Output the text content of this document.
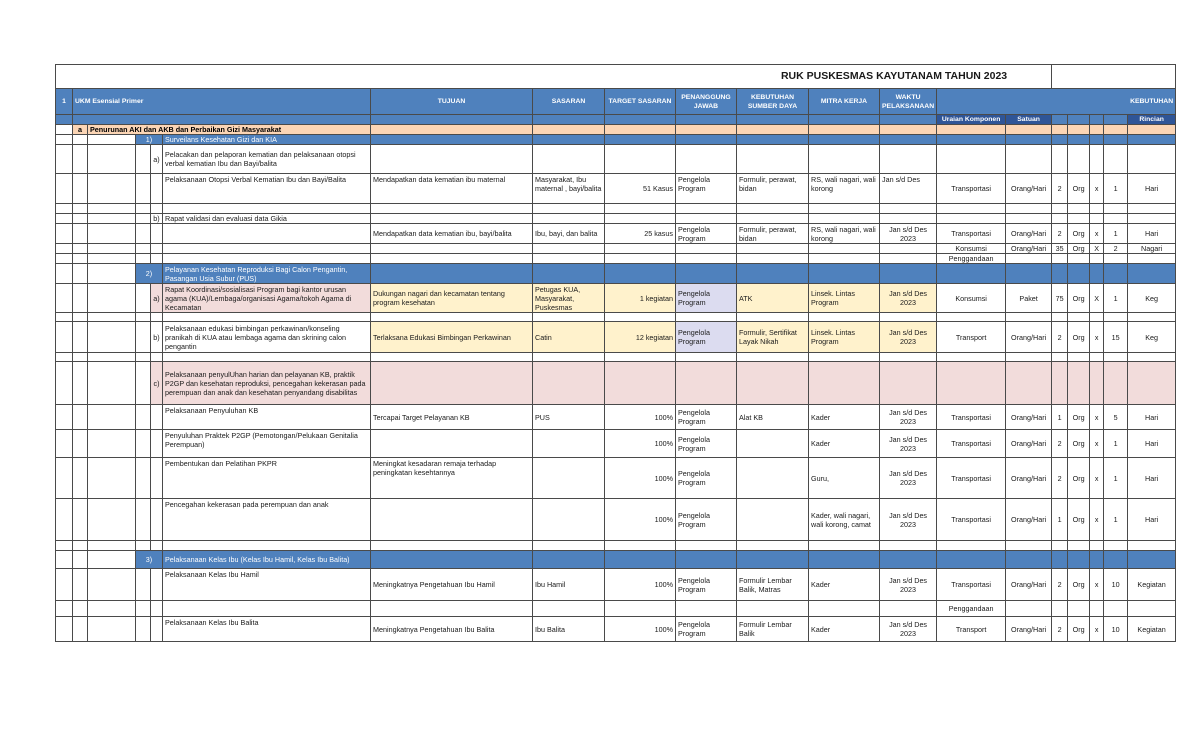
										RUK PUSKESMAS KAYUTANAM TAHUN 2023									
1	UKM Esensial Primer					TUJUAN	SASARAN	TARGET SASARAN	PENANGGUNG JAWAB	KEBUTUHAN SUMBER DAYA	MITRA KERJA	WAKTU PELAKSANAAN	KEBUTUHAN						
													Uraian Komponen	Satuan					Rincian
	a	Penurunan AKI dan AKB dan Perbaikan Gizi Masyarakat																	
			1)		Surveilans Kesehatan Gizi dan KIA														
				a)	Pelacakan dan pelaporan kematian dan pelaksanaan otopsi verbal kematian Ibu dan Bayi/balita														
					Pelaksanaan Otopsi Verbal Kematian Ibu dan Bayi/Balita	Mendapatkan data kematian ibu maternal	Masyarakat, Ibu maternal , bayi/balita	51 Kasus	Pengelola Program	Formulir, perawat, bidan	RS, wali nagari, wali korong	Jan s/d Des	Transportasi	Orang/Hari	2	Org	x	1	Hari

				b)	Rapat validasi dan evaluasi data Gikia														
						Mendapatkan data kematian ibu, bayi/balita	Ibu, bayi, dan balita	25 kasus	Pengelola Program	Formulir, perawat, bidan	RS, wali nagari, wali korong	Jan s/d Des 2023	Transportasi	Orang/Hari	2	Org	x	1	Hari
													Konsumsi	Orang/Hari	35	Org	X	2	Nagari
													Penggandaan						
			2)		Pelayanan Kesehatan Reproduksi Bagi Calon Pengantin, Pasangan Usia Subur (PUS)														
				a)	Rapat Koordinasi/sosialisasi Program bagi kantor urusan agama (KUA)/Lembaga/organisasi Agama/tokoh Agama di Kecamatan	Dukungan nagari dan kecamatan tentang program kesehatan	Petugas KUA, Masyarakat, Puskesmas	1 kegiatan	Pengelola Program	ATK	Linsek. Lintas Program	Jan s/d Des 2023	Konsumsi	Paket	75	Org	X	1	Keg

				b)	Pelaksanaan edukasi bimbingan perkawinan/konseling pranikah di KUA atau lembaga agama dan skrining calon pengantin	Terlaksana Edukasi Bimbingan Perkawinan	Catin	12 kegiatan	Pengelola Program	Formulir, Sertifikat Layak Nikah	Linsek. Lintas Program	Jan s/d Des 2023	Transport	Orang/Hari	2	Org	x	15	Keg

				c)	Pelaksanaan penyulUhan harian dan pelayanan KB, praktik P2GP dan kesehatan reproduksi, pencegahan kekerasan pada perempuan dan anak dan kesehatan penyandang disabilitas														
					Pelaksanaan Penyuluhan KB	Tercapai Target Pelayanan KB	PUS	100%	Pengelola Program	Alat KB	Kader	Jan s/d Des 2023	Transportasi	Orang/Hari	1	Org	x	5	Hari
					Penyuluhan Praktek P2GP (Pemotongan/Pelukaan Genitalia Perempuan)			100%	Pengelola Program		Kader	Jan s/d Des 2023	Transportasi	Orang/Hari	2	Org	x	1	Hari
					Pembentukan dan Pelatihan PKPR	Meningkat kesadaran remaja terhadap peningkatan kesehtannya		100%	Pengelola Program		Guru,	Jan s/d Des 2023	Transportasi	Orang/Hari	2	Org	x	1	Hari
					Pencegahan kekerasan pada perempuan dan anak			100%	Pengelola Program		Kader, wali nagari, wali korong, camat	Jan s/d Des 2023	Transportasi	Orang/Hari	1	Org	x	1	Hari

			3)		Pelaksanaan Kelas Ibu (Kelas Ibu Hamil, Kelas Ibu Balita)														
					Pelaksanaan Kelas Ibu Hamil	Meningkatnya Pengetahuan Ibu Hamil	Ibu Hamil	100%	Pengelola Program	Formulir Lembar Balik, Matras	Kader	Jan s/d Des 2023	Transportasi	Orang/Hari	2	Org	x	10	Kegiatan
													Penggandaan						
					Pelaksanaan Kelas Ibu Balita	Meningkatnya Pengetahuan Ibu Balita	Ibu Balita	100%	Pengelola Program	Formulir Lembar Balik	Kader	Jan s/d Des 2023	Transport	Orang/Hari	2	Org	x	10	Kegiatan
